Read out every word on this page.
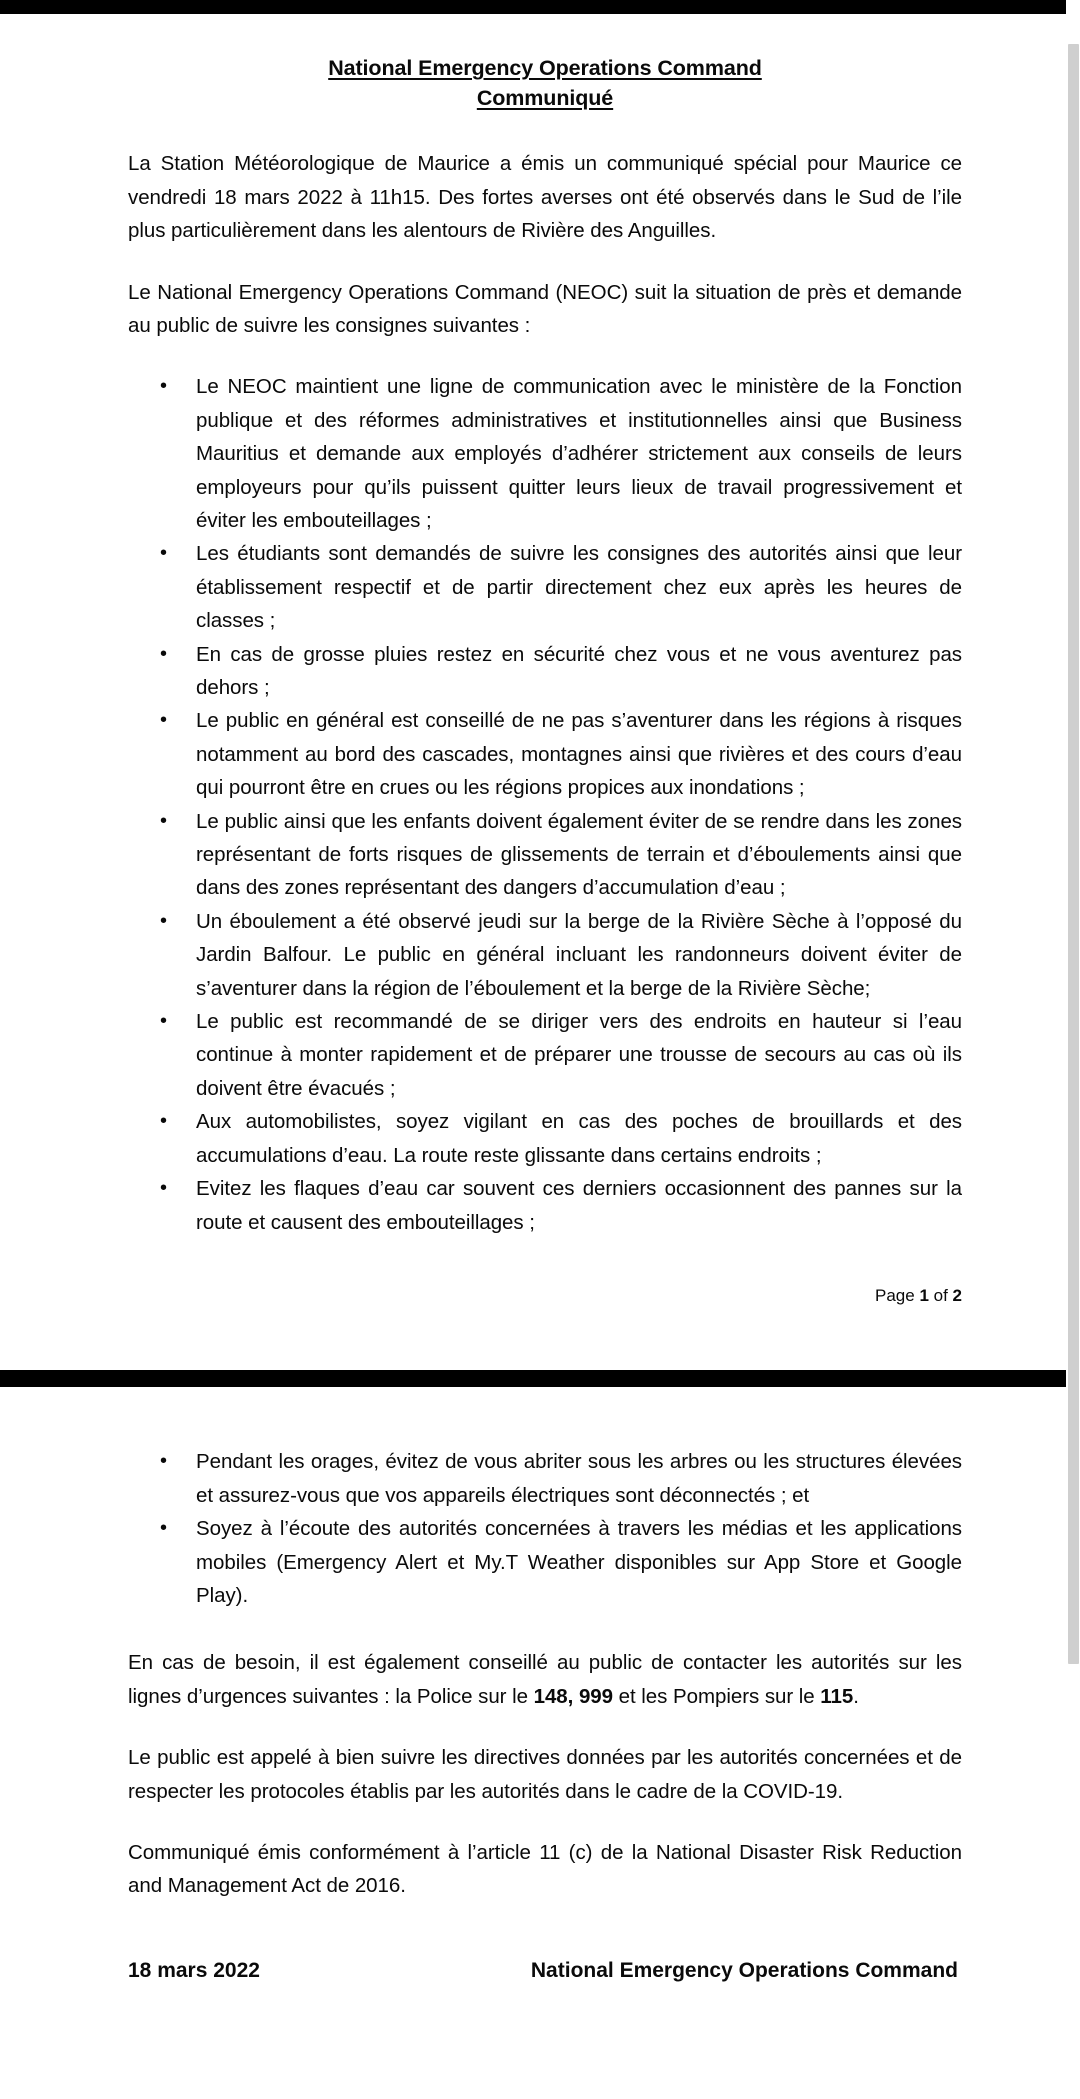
National Emergency Operations Command
Communiqué

La Station Météorologique de Maurice a émis un communiqué spécial pour Maurice ce vendredi 18 mars 2022 à 11h15. Des fortes averses ont été observés dans le Sud de l’ile plus particulièrement dans les alentours de Rivière des Anguilles.

Le National Emergency Operations Command (NEOC) suit la situation de près et demande au public de suivre les consignes suivantes :

• Le NEOC maintient une ligne de communication avec le ministère de la Fonction publique et des réformes administratives et institutionnelles ainsi que Business Mauritius et demande aux employés d’adhérer strictement aux conseils de leurs employeurs pour qu’ils puissent quitter leurs lieux de travail progressivement et éviter les embouteillages ;
• Les étudiants sont demandés de suivre les consignes des autorités ainsi que leur établissement respectif et de partir directement chez eux après les heures de classes ;
• En cas de grosse pluies restez en sécurité chez vous et ne vous aventurez pas dehors ;
• Le public en général est conseillé de ne pas s’aventurer dans les régions à risques notamment au bord des cascades, montagnes ainsi que rivières et des cours d’eau qui pourront être en crues ou les régions propices aux inondations ;
• Le public ainsi que les enfants doivent également éviter de se rendre dans les zones représentant de forts risques de glissements de terrain et d’éboulements ainsi que dans des zones représentant des dangers d’accumulation d’eau ;
• Un éboulement a été observé jeudi sur la berge de la Rivière Sèche à l’opposé du Jardin Balfour. Le public en général incluant les randonneurs doivent éviter de s’aventurer dans la région de l’éboulement et la berge de la Rivière Sèche;
• Le public est recommandé de se diriger vers des endroits en hauteur si l’eau continue à monter rapidement et de préparer une trousse de secours au cas où ils doivent être évacués ;
• Aux automobilistes, soyez vigilant en cas des poches de brouillards et des accumulations d’eau. La route reste glissante dans certains endroits ;
• Evitez les flaques d’eau car souvent ces derniers occasionnent des pannes sur la route et causent des embouteillages ;
Page 1 of 2
• Pendant les orages, évitez de vous abriter sous les arbres ou les structures élevées et assurez-vous que vos appareils électriques sont déconnectés ; et
• Soyez à l’écoute des autorités concernées à travers les médias et les applications mobiles (Emergency Alert et My.T Weather disponibles sur App Store et Google Play).

En cas de besoin, il est également conseillé au public de contacter les autorités sur les lignes d’urgences suivantes : la Police sur le 148, 999 et les Pompiers sur le 115.

Le public est appelé à bien suivre les directives données par les autorités concernées et de respecter les protocoles établis par les autorités dans le cadre de la COVID-19.

Communiqué émis conformément à l’article 11 (c) de la National Disaster Risk Reduction and Management Act de 2016.

18 mars 2022	National Emergency Operations Command
